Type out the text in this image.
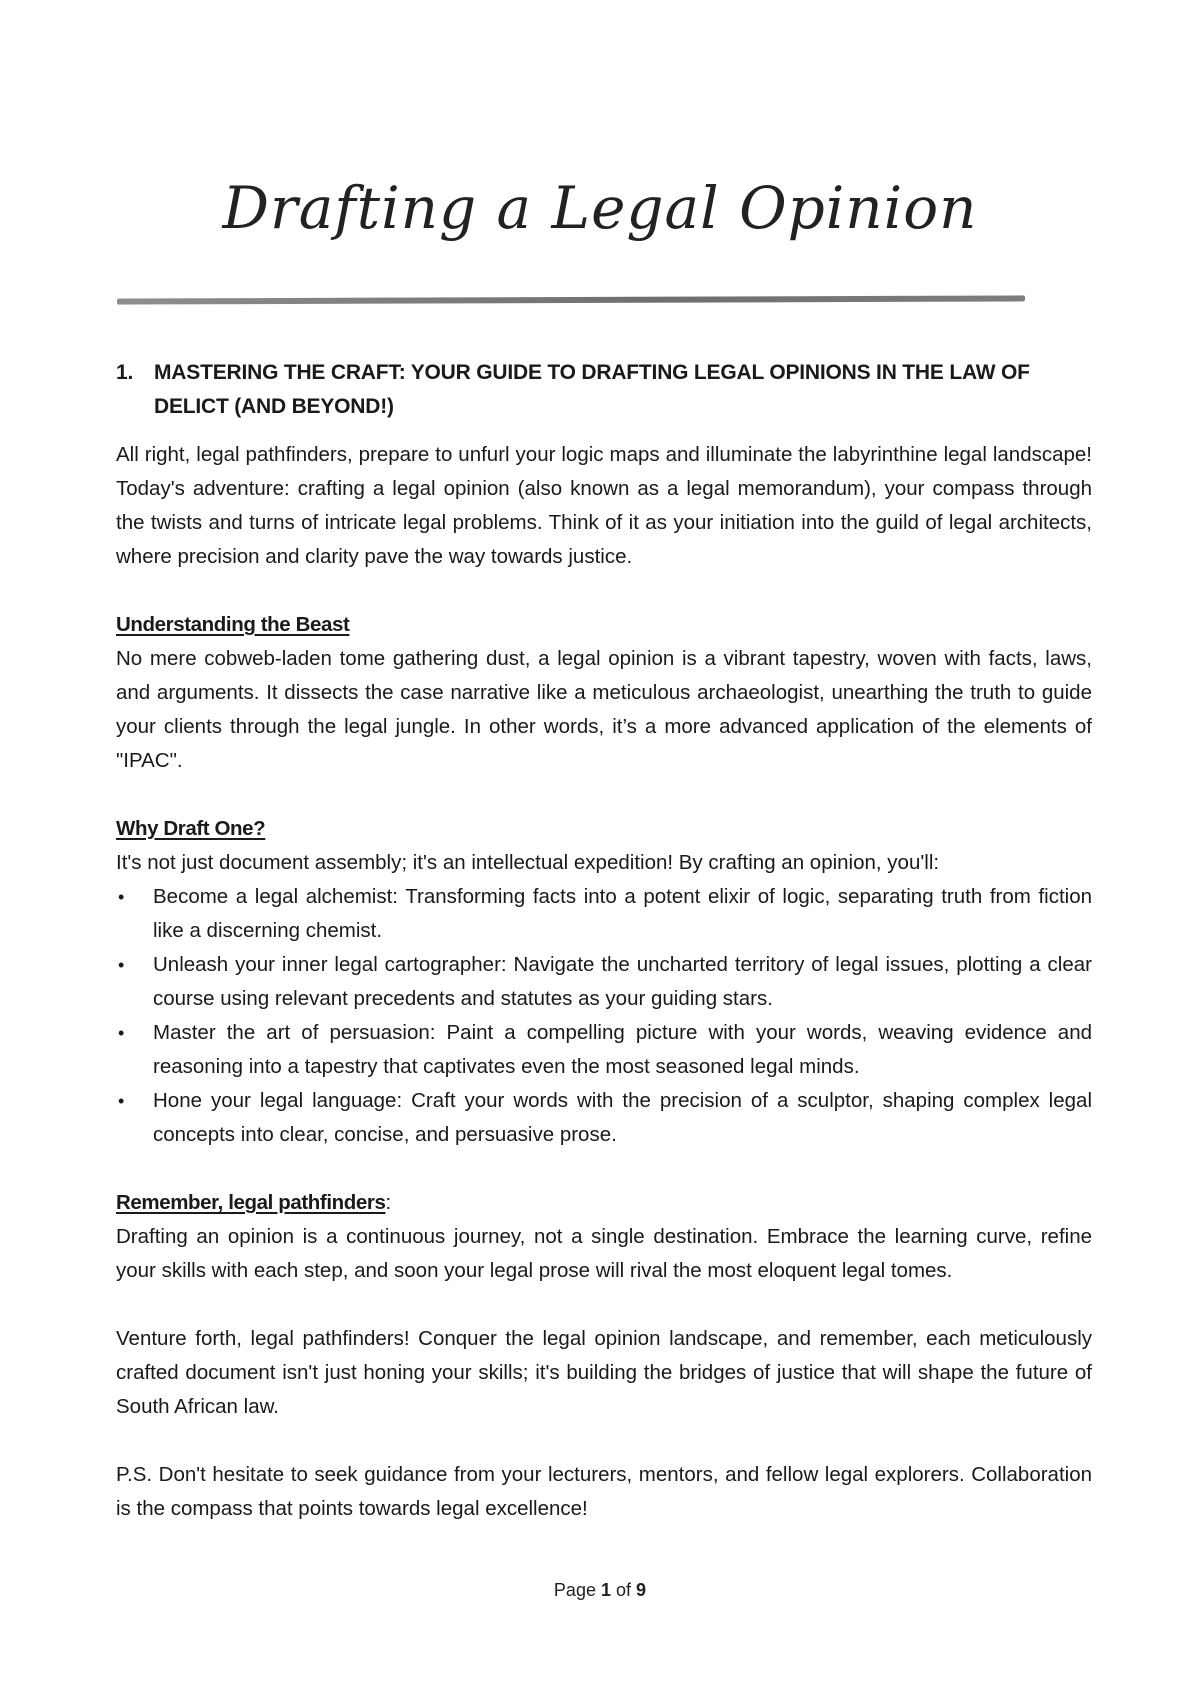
Drafting a Legal Opinion
1. MASTERING THE CRAFT: YOUR GUIDE TO DRAFTING LEGAL OPINIONS IN THE LAW OF DELICT (AND BEYOND!)

All right, legal pathfinders, prepare to unfurl your logic maps and illuminate the labyrinthine legal landscape! Today's adventure: crafting a legal opinion (also known as a legal memorandum), your compass through the twists and turns of intricate legal problems. Think of it as your initiation into the guild of legal architects, where precision and clarity pave the way towards justice.

Understanding the Beast

No mere cobweb-laden tome gathering dust, a legal opinion is a vibrant tapestry, woven with facts, laws, and arguments. It dissects the case narrative like a meticulous archaeologist, unearthing the truth to guide your clients through the legal jungle. In other words, it’s a more advanced application of the elements of "IPAC".

Why Draft One?

It's not just document assembly; it's an intellectual expedition! By crafting an opinion, you'll:

• Become a legal alchemist: Transforming facts into a potent elixir of logic, separating truth from fiction like a discerning chemist.
• Unleash your inner legal cartographer: Navigate the uncharted territory of legal issues, plotting a clear course using relevant precedents and statutes as your guiding stars.
• Master the art of persuasion: Paint a compelling picture with your words, weaving evidence and reasoning into a tapestry that captivates even the most seasoned legal minds.
• Hone your legal language: Craft your words with the precision of a sculptor, shaping complex legal concepts into clear, concise, and persuasive prose.
Remember, legal pathfinders:

Drafting an opinion is a continuous journey, not a single destination. Embrace the learning curve, refine your skills with each step, and soon your legal prose will rival the most eloquent legal tomes.

Venture forth, legal pathfinders! Conquer the legal opinion landscape, and remember, each meticulously crafted document isn't just honing your skills; it's building the bridges of justice that will shape the future of South African law.

P.S. Don't hesitate to seek guidance from your lecturers, mentors, and fellow legal explorers. Collaboration is the compass that points towards legal excellence!

Page 1 of 9
